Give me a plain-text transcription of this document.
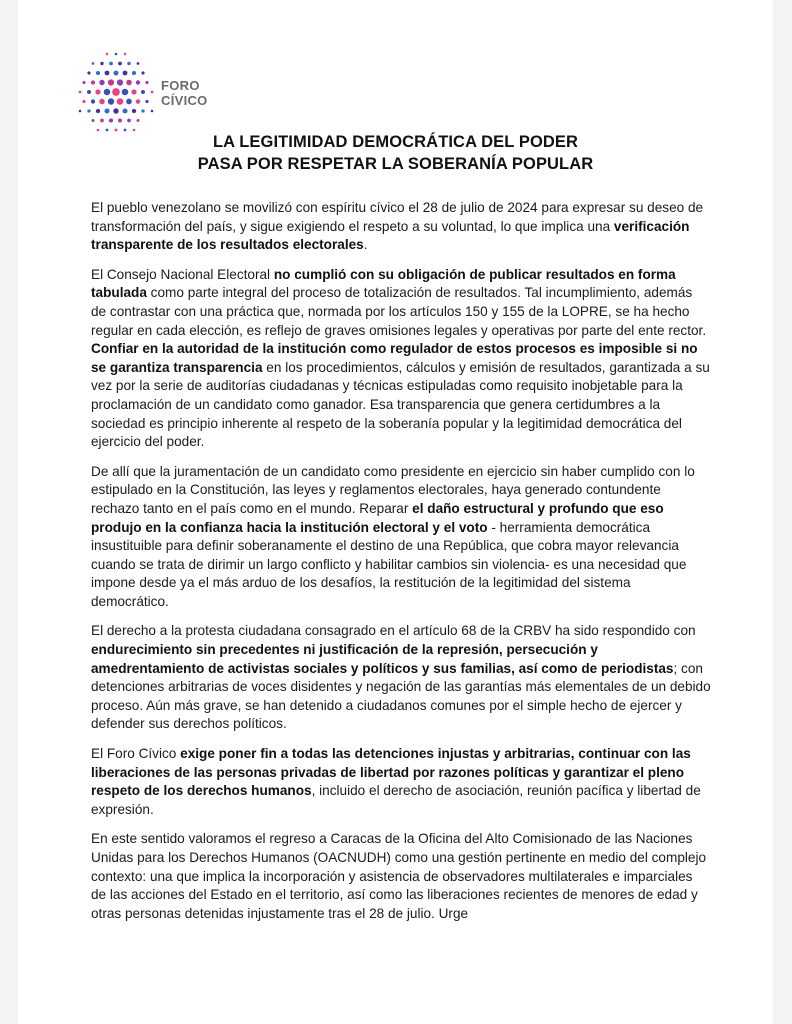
FORO
CÍVICO
LA LEGITIMIDAD DEMOCRÁTICA DEL PODER
PASA POR RESPETAR LA SOBERANÍA POPULAR

El pueblo venezolano se movilizó con espíritu cívico el 28 de julio de 2024 para expresar su deseo de transformación del país, y sigue exigiendo el respeto a su voluntad, lo que implica una verificación transparente de los resultados electorales.

El Consejo Nacional Electoral no cumplió con su obligación de publicar resultados en forma tabulada como parte integral del proceso de totalización de resultados. Tal incumplimiento, además de contrastar con una práctica que, normada por los artículos 150 y 155 de la LOPRE, se ha hecho regular en cada elección, es reflejo de graves omisiones legales y operativas por parte del ente rector. Confiar en la autoridad de la institución como regulador de estos procesos es imposible si no se garantiza transparencia en los procedimientos, cálculos y emisión de resultados, garantizada a su vez por la serie de auditorías ciudadanas y técnicas estipuladas como requisito inobjetable para la proclamación de un candidato como ganador. Esa transparencia que genera certidumbres a la sociedad es principio inherente al respeto de la soberanía popular y la legitimidad democrática del ejercicio del poder.

De allí que la juramentación de un candidato como presidente en ejercicio sin haber cumplido con lo estipulado en la Constitución, las leyes y reglamentos electorales, haya generado contundente rechazo tanto en el país como en el mundo. Reparar el daño estructural y profundo que eso produjo en la confianza hacia la institución electoral y el voto - herramienta democrática insustituible para definir soberanamente el destino de una República, que cobra mayor relevancia cuando se trata de dirimir un largo conflicto y habilitar cambios sin violencia- es una necesidad que impone desde ya el más arduo de los desafíos, la restitución de la legitimidad del sistema democrático.

El derecho a la protesta ciudadana consagrado en el artículo 68 de la CRBV ha sido respondido con endurecimiento sin precedentes ni justificación de la represión, persecución y amedrentamiento de activistas sociales y políticos y sus familias, así como de periodistas; con detenciones arbitrarias de voces disidentes y negación de las garantías más elementales de un debido proceso. Aún más grave, se han detenido a ciudadanos comunes por el simple hecho de ejercer y defender sus derechos políticos.

El Foro Cívico exige poner fin a todas las detenciones injustas y arbitrarias, continuar con las liberaciones de las personas privadas de libertad por razones políticas y garantizar el pleno respeto de los derechos humanos, incluido el derecho de asociación, reunión pacífica y libertad de expresión.

En este sentido valoramos el regreso a Caracas de la Oficina del Alto Comisionado de las Naciones Unidas para los Derechos Humanos (OACNUDH) como una gestión pertinente en medio del complejo contexto: una que implica la incorporación y asistencia de observadores multilaterales e imparciales de las acciones del Estado en el territorio, así como las liberaciones recientes de menores de edad y otras personas detenidas injustamente tras el 28 de julio. Urge
